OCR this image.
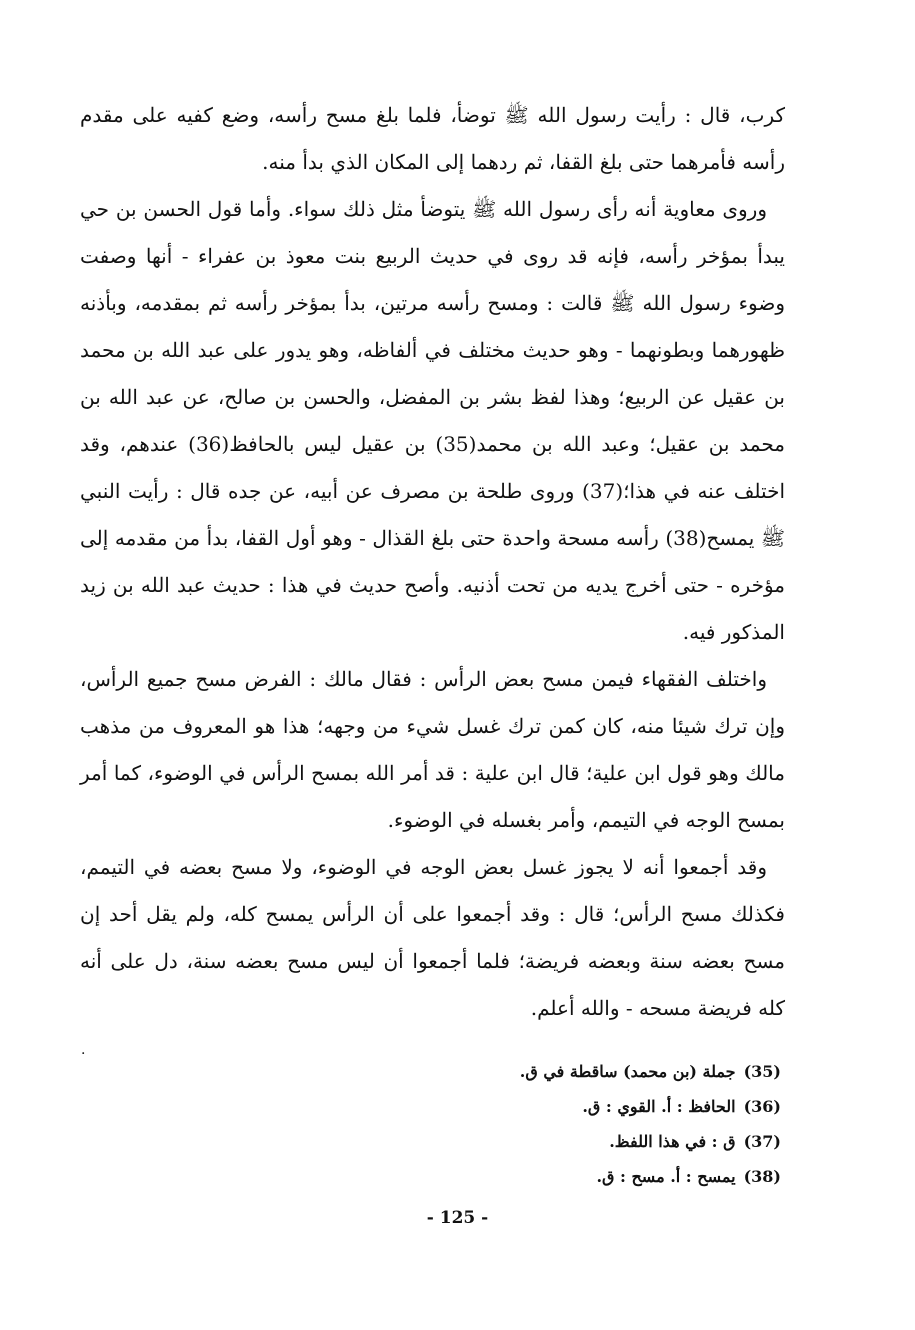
كرب، قال : رأيت رسول الله ﷺ توضأ، فلما بلغ مسح رأسه، وضع كفيه على مقدم رأسه فأمرهما حتى بلغ القفا، ثم ردهما إلى المكان الذي بدأ منه.

وروى معاوية أنه رأى رسول الله ﷺ يتوضأ مثل ذلك سواء. وأما قول الحسن بن حي يبدأ بمؤخر رأسه، فإنه قد روى في حديث الربيع بنت معوذ بن عفراء - أنها وصفت وضوء رسول الله ﷺ قالت : ومسح رأسه مرتين، بدأ بمؤخر رأسه ثم بمقدمه، وبأذنه ظهورهما وبطونهما - وهو حديث مختلف في ألفاظه، وهو يدور على عبد الله بن محمد بن عقيل عن الربيع؛ وهذا لفظ بشر بن المفضل، والحسن بن صالح، عن عبد الله بن محمد بن عقيل؛ وعبد الله بن محمد(35) بن عقيل ليس بالحافظ(36) عندهم، وقد اختلف عنه في هذا؛(37) وروى طلحة بن مصرف عن أبيه، عن جده قال : رأيت النبي ﷺ يمسح(38) رأسه مسحة واحدة حتى بلغ القذال - وهو أول القفا، بدأ من مقدمه إلى مؤخره - حتى أخرج يديه من تحت أذنيه. وأصح حديث في هذا : حديث عبد الله بن زيد المذكور فيه.

واختلف الفقهاء فيمن مسح بعض الرأس : فقال مالك : الفرض مسح جميع الرأس، وإن ترك شيئا منه، كان كمن ترك غسل شيء من وجهه؛ هذا هو المعروف من مذهب مالك وهو قول ابن علية؛ قال ابن علية : قد أمر الله بمسح الرأس في الوضوء، كما أمر بمسح الوجه في التيمم، وأمر بغسله في الوضوء.

وقد أجمعوا أنه لا يجوز غسل بعض الوجه في الوضوء، ولا مسح بعضه في التيمم، فكذلك مسح الرأس؛ قال : وقد أجمعوا على أن الرأس يمسح كله، ولم يقل أحد إن مسح بعضه سنة وبعضه فريضة؛ فلما أجمعوا أن ليس مسح بعضه سنة، دل على أنه كله فريضة مسحه - والله أعلم.

·
(35)جملة (بن محمد) ساقطة في ق.
(36)الحافظ : أ. القوي : ق.
(37)ق : في هذا اللفظ.
(38)يمسح : أ. مسح : ق.
- 125 -
